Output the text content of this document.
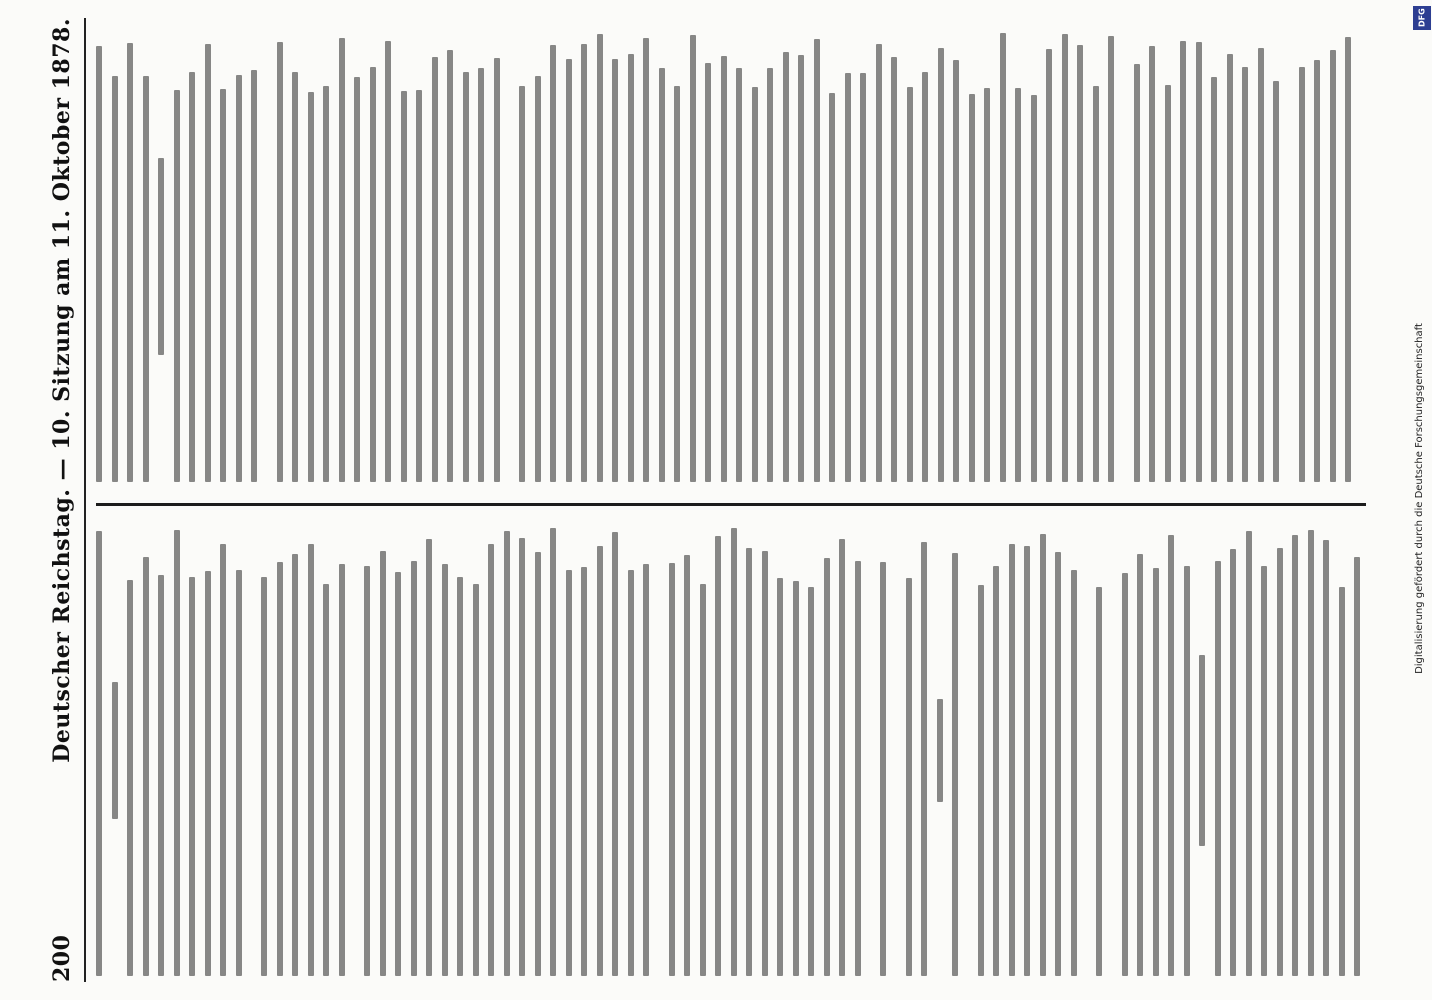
200
Deutscher Reichstag. — 10. Sitzung am 11. Oktober 1878.	Digitalisierung gefördert durch die Deutsche Forschungsgemeinschaft
DFG
